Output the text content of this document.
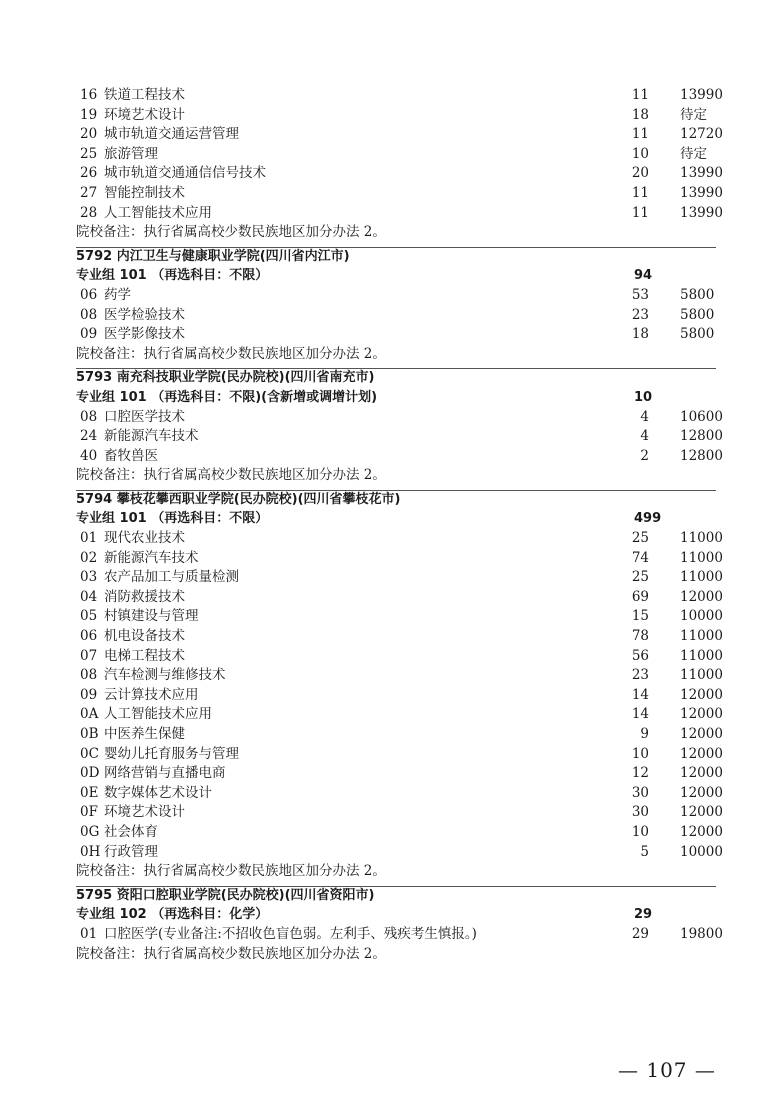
16 铁道工程技术	11 13990
19 环境艺术设计	18 待定
20 城市轨道交通运营管理	11 12720
25 旅游管理	10 待定
26 城市轨道交通通信信号技术	20 13990
27 智能控制技术	11 13990
28 人工智能技术应用	11 13990
院校备注：执行省属高校少数民族地区加分办法 2。
5792 内江卫生与健康职业学院(四川省内江市)
专业组 101 （再选科目：不限）	94
06 药学	53 5800
08 医学检验技术	23 5800
09 医学影像技术	18 5800
院校备注：执行省属高校少数民族地区加分办法 2。
5793 南充科技职业学院(民办院校)(四川省南充市)
专业组 101 （再选科目：不限)(含新增或调增计划)	10
08 口腔医学技术	4 10600
24 新能源汽车技术	4 12800
40 畜牧兽医	2 12800
院校备注：执行省属高校少数民族地区加分办法 2。
5794 攀枝花攀西职业学院(民办院校)(四川省攀枝花市)
专业组 101 （再选科目：不限）	499
01 现代农业技术	25 11000
02 新能源汽车技术	74 11000
03 农产品加工与质量检测	25 11000
04 消防救援技术	69 12000
05 村镇建设与管理	15 10000
06 机电设备技术	78 11000
07 电梯工程技术	56 11000
08 汽车检测与维修技术	23 11000
09 云计算技术应用	14 12000
0A 人工智能技术应用	14 12000
0B 中医养生保健	9 12000
0C 婴幼儿托育服务与管理	10 12000
0D 网络营销与直播电商	12 12000
0E 数字媒体艺术设计	30 12000
0F 环境艺术设计	30 12000
0G 社会体育	10 12000
0H 行政管理	5 10000
院校备注：执行省属高校少数民族地区加分办法 2。
5795 资阳口腔职业学院(民办院校)(四川省资阳市)
专业组 102 （再选科目：化学）	29
01 口腔医学(专业备注:不招收色盲色弱。左利手、残疾考生慎报。)	29 19800
院校备注：执行省属高校少数民族地区加分办法 2。
— 107 —
